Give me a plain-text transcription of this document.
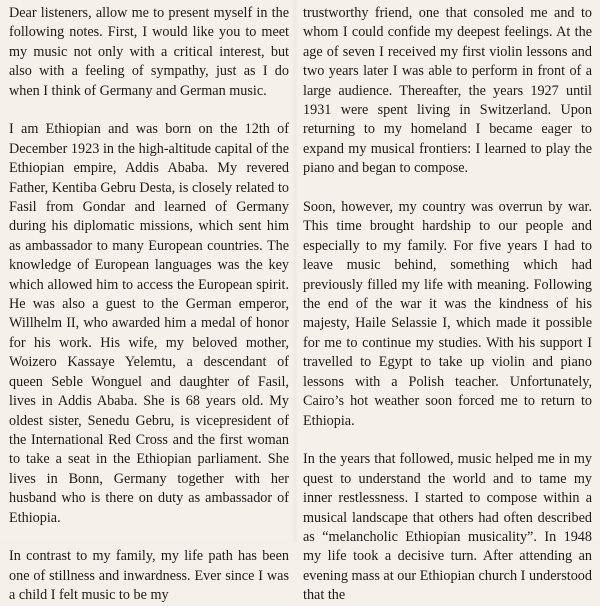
Dear listeners, allow me to present myself in the following notes. First, I would like you to meet my music not only with a critical interest, but also with a feeling of sympathy, just as I do when I think of Germany and German music.

I am Ethiopian and was born on the 12th of December 1923 in the high-altitude capital of the Ethiopian empire, Addis Ababa. My revered Father, Kentiba Gebru Desta, is closely related to Fasil from Gondar and learned of Germany during his diplomatic missions, which sent him as ambassador to many European countries. The knowledge of European languages was the key which allowed him to access the European spirit. He was also a guest to the German emperor, Willhelm II, who awarded him a medal of honor for his work. His wife, my beloved mother, Woizero Kassaye Yelemtu, a descendant of queen Seble Wonguel and daughter of Fasil, lives in Addis Ababa. She is 68 years old. My oldest sister, Senedu Gebru, is vicepresident of the International Red Cross and the first woman to take a seat in the Ethiopian parliament. She lives in Bonn, Germany together with her husband who is there on duty as ambassador of Ethiopia.

In contrast to my family, my life path has been one of stillness and inwardness. Ever since I was a child I felt music to be my

trustworthy friend, one that consoled me and to whom I could confide my deepest feelings. At the age of seven I received my first violin lessons and two years later I was able to perform in front of a large audience. Thereafter, the years 1927 until 1931 were spent living in Switzerland. Upon returning to my homeland I became eager to expand my musical frontiers: I learned to play the piano and began to compose.

Soon, however, my country was overrun by war. This time brought hardship to our people and especially to my family. For five years I had to leave music behind, something which had previously filled my life with meaning. Following the end of the war it was the kindness of his majesty, Haile Selassie I, which made it possible for me to continue my studies. With his support I travelled to Egypt to take up violin and piano lessons with a Polish teacher. Unfortunately, Cairo’s hot weather soon forced me to return to Ethiopia.

In the years that followed, music helped me in my quest to understand the world and to tame my inner restlessness. I started to compose within a musical landscape that others had often described as “melancholic Ethiopian musicality”. In 1948 my life took a decisive turn. After attending an evening mass at our Ethiopian church I understood that the
